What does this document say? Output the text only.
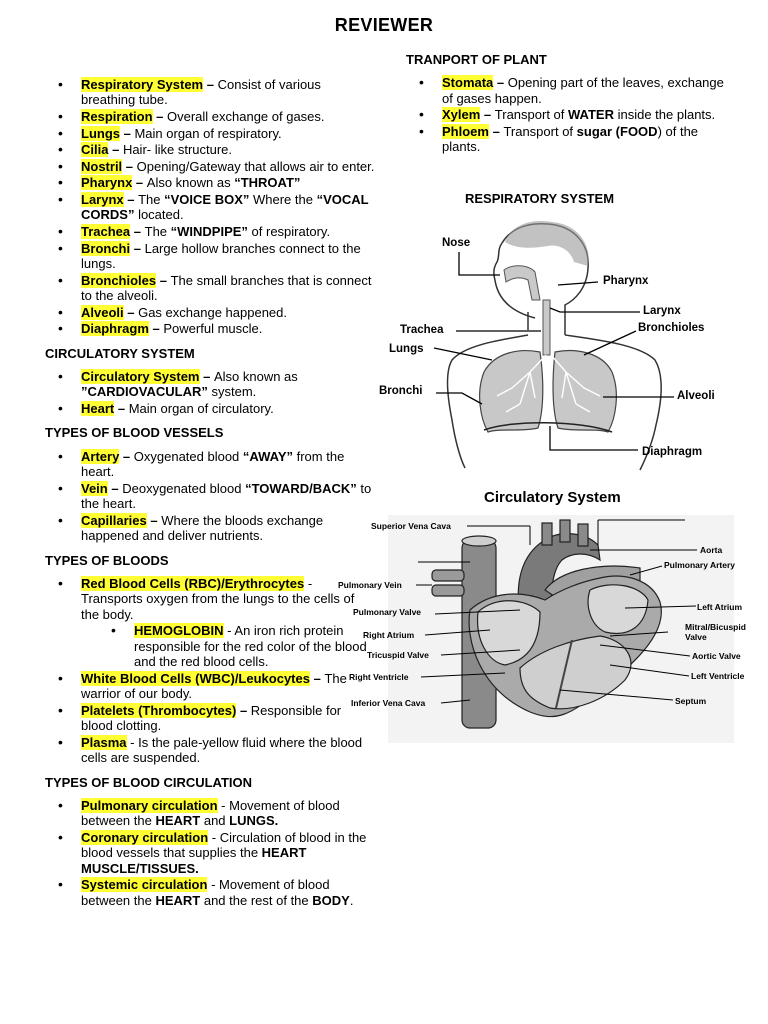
REVIEWER
• Respiratory System – Consist of various breathing tube.
• Respiration – Overall exchange of gases.
• Lungs – Main organ of respiratory.
• Cilia – Hair- like structure.
• Nostril – Opening/Gateway that allows air to enter.
• Pharynx – Also known as “THROAT”
• Larynx – The “VOICE BOX” Where the “VOCAL CORDS” located.
• Trachea – The “WINDPIPE” of respiratory.
• Bronchi – Large hollow branches connect to the lungs.
• Bronchioles – The small branches that is connect to the alveoli.
• Alveoli – Gas exchange happened.
• Diaphragm – Powerful muscle.
CIRCULATORY SYSTEM
• Circulatory System – Also known as ”CARDIOVACULAR” system.
• Heart – Main organ of circulatory.
TYPES OF BLOOD VESSELS
• Artery – Oxygenated blood “AWAY” from the heart.
• Vein – Deoxygenated blood “TOWARD/BACK” to the heart.
• Capillaries – Where the bloods exchange happened and deliver nutrients.
TYPES OF BLOODS
• Red Blood Cells (RBC)/Erythrocytes - Transports oxygen from the lungs to the cells of the body.
• HEMOGLOBIN - An iron rich protein responsible for the red color of the blood and the red blood cells.
• White Blood Cells (WBC)/Leukocytes – The warrior of our body.
• Platelets (Thrombocytes) – Responsible for blood clotting.
• Plasma - Is the pale-yellow fluid where the blood cells are suspended.
TYPES OF BLOOD CIRCULATION
• Pulmonary circulation - Movement of blood between the HEART and LUNGS.
• Coronary circulation - Circulation of blood in the blood vessels that supplies the HEART MUSCLE/TISSUES.
• Systemic circulation - Movement of blood between the HEART and the rest of the BODY.
TRANPORT OF PLANT
• Stomata – Opening part of the leaves, exchange of gases happen.
• Xylem – Transport of WATER inside the plants.
• Phloem – Transport of sugar (FOOD) of the plants.
RESPIRATORY SYSTEM
Nose
Pharynx
Larynx
Trachea	Bronchioles
Lungs
Bronchi	Alveoli
Diaphragm
Circulatory System
Superior Vena Cava
Aorta
Pulmonary Artery
Pulmonary Vein
Pulmonary Valve	Left Atrium
Right Atrium
Mitral/Bicuspid
Valve
Tricuspid Valve	Aortic Valve
Right Ventricle	Left Ventricle
Inferior Vena Cava	Septum
